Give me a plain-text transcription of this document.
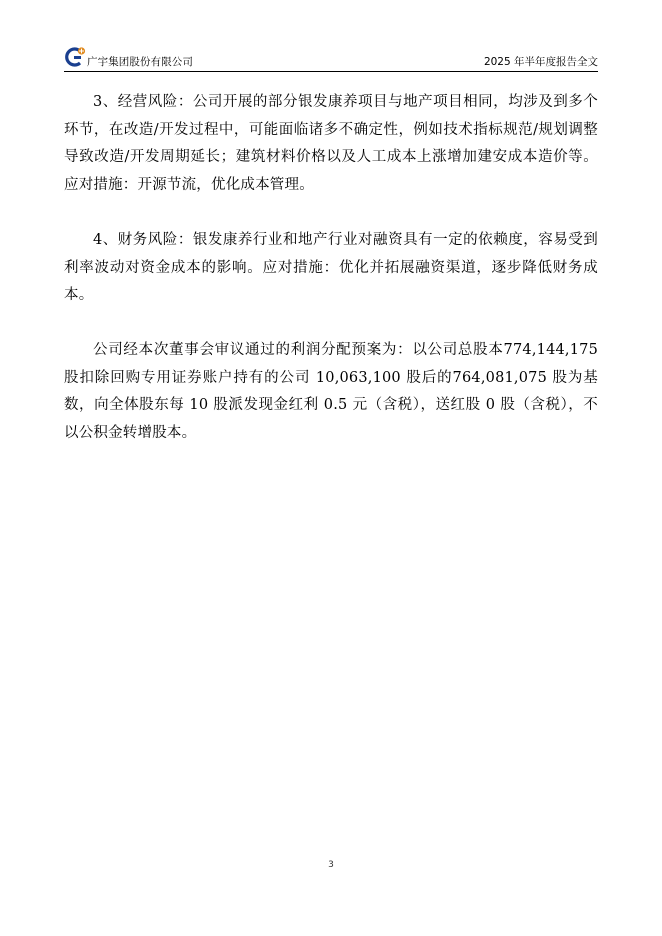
广宇集团股份有限公司	2025 年半年度报告全文

3、经营风险：公司开展的部分银发康养项目与地产项目相同，均涉及到多个环节，在改造/开发过程中，可能面临诸多不确定性，例如技术指标规范/规划调整导致改造/开发周期延长；建筑材料价格以及人工成本上涨增加建安成本造价等。应对措施：开源节流，优化成本管理。

4、财务风险：银发康养行业和地产行业对融资具有一定的依赖度，容易受到利率波动对资金成本的影响。应对措施：优化并拓展融资渠道，逐步降低财务成本。

公司经本次董事会审议通过的利润分配预案为：以公司总股本774,144,175 股扣除回购专用证券账户持有的公司 10,063,100 股后的764,081,075 股为基数，向全体股东每 10 股派发现金红利 0.5 元（含税），送红股 0 股（含税），不以公积金转增股本。

3
